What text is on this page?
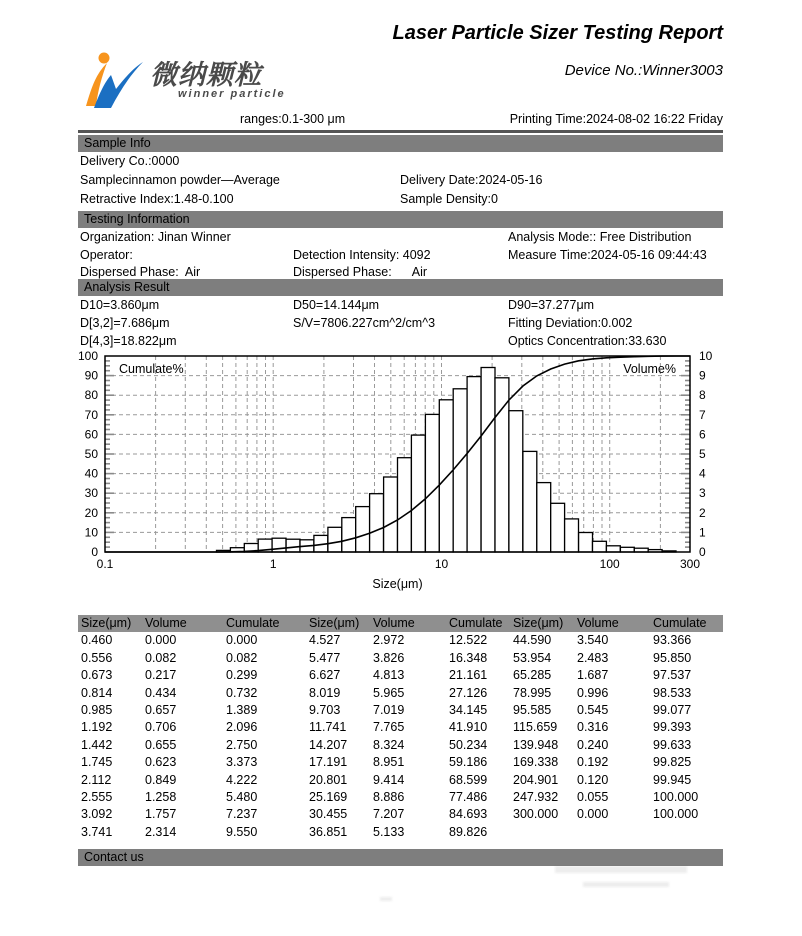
Laser Particle Sizer Testing Report
Device No.:Winner3003
微纳颗粒
winner particle
ranges:0.1-300 μm	Printing Time:2024-08-02 16:22 Friday
Sample Info
Delivery Co.:0000
Samplecinnamon powder—Average	Delivery Date:2024-05-16
Retractive Index:1.48-0.100	Sample Density:0
Testing Information
Organization: Jinan Winner	Analysis Mode:: Free Distribution
Operator:	Detection Intensity: 4092	Measure Time:2024-05-16 09:44:43
Dispersed Phase:  Air	Dispersed Phase:      Air
Analysis Result
D10=3.860μm	D50=14.144μm	D90=37.277μm
D[3,2]=7.686μm	S/V=7806.227cm^2/cm^3	Fitting Deviation:0.002
D[4,3]=18.822μm	Optics Concentration:33.630
0
10
20
30
40
50
60
70
80
90
100
0
1
2
3
4
5
6
7
8
9
10
0.1	1	10	100	300
Cumulate%	Volume%
Size(μm)
Size(μm)	Volume	Cumulate	Size(μm)	Volume	Cumulate Size(μm)	Volume	Cumulate
0.460	0.000	0.000	4.527	2.972	12.522	44.590	3.540	93.366
0.556	0.082	0.082	5.477	3.826	16.348	53.954	2.483	95.850
0.673	0.217	0.299	6.627	4.813	21.161	65.285	1.687	97.537
0.814	0.434	0.732	8.019	5.965	27.126	78.995	0.996	98.533
0.985	0.657	1.389	9.703	7.019	34.145	95.585	0.545	99.077
1.192	0.706	2.096	11.741	7.765	41.910	115.659	0.316	99.393
1.442	0.655	2.750	14.207	8.324	50.234	139.948	0.240	99.633
1.745	0.623	3.373	17.191	8.951	59.186	169.338	0.192	99.825
2.112	0.849	4.222	20.801	9.414	68.599	204.901	0.120	99.945
2.555	1.258	5.480	25.169	8.886	77.486	247.932	0.055	100.000
3.092	1.757	7.237	30.455	7.207	84.693	300.000	0.000	100.000
3.741	2.314	9.550	36.851	5.133	89.826
Contact us
